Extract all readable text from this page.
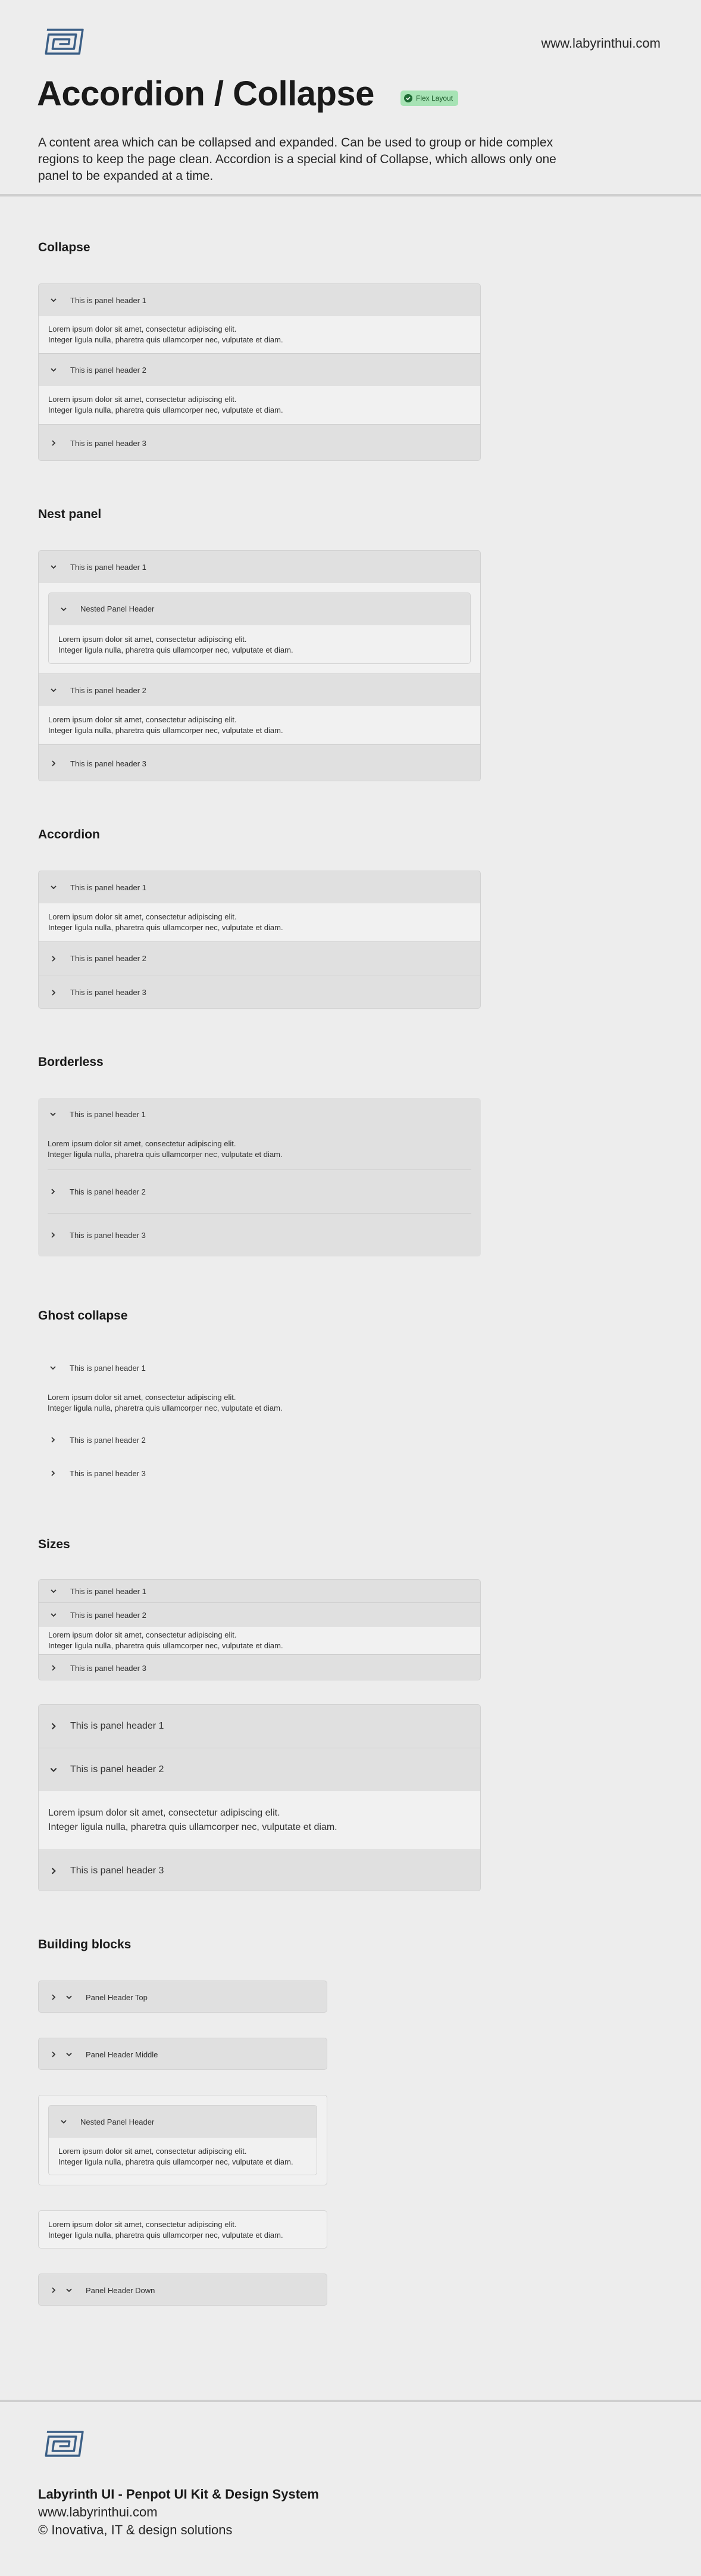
www.labyrinthui.com
Accordion / Collapse	Flex Layout
A content area which can be collapsed and expanded. Can be used to group or hide complex regions to keep the page clean. Accordion is a special kind of Collapse, which allows only one panel to be expanded at a time.
Collapse
This is panel header 1
Lorem ipsum dolor sit amet, consectetur adipiscing elit.
Integer ligula nulla, pharetra quis ullamcorper nec, vulputate et diam.
This is panel header 2
Lorem ipsum dolor sit amet, consectetur adipiscing elit.
Integer ligula nulla, pharetra quis ullamcorper nec, vulputate et diam.
This is panel header 3
Nest panel
This is panel header 1
Nested Panel Header
Lorem ipsum dolor sit amet, consectetur adipiscing elit.
Integer ligula nulla, pharetra quis ullamcorper nec, vulputate et diam.
This is panel header 2
Lorem ipsum dolor sit amet, consectetur adipiscing elit.
Integer ligula nulla, pharetra quis ullamcorper nec, vulputate et diam.
This is panel header 3
Accordion
This is panel header 1
Lorem ipsum dolor sit amet, consectetur adipiscing elit.
Integer ligula nulla, pharetra quis ullamcorper nec, vulputate et diam.
This is panel header 2
This is panel header 3
Borderless
This is panel header 1
Lorem ipsum dolor sit amet, consectetur adipiscing elit.
Integer ligula nulla, pharetra quis ullamcorper nec, vulputate et diam.
This is panel header 2
This is panel header 3
Ghost collapse
This is panel header 1
Lorem ipsum dolor sit amet, consectetur adipiscing elit.
Integer ligula nulla, pharetra quis ullamcorper nec, vulputate et diam.
This is panel header 2
This is panel header 3
Sizes
This is panel header 1
This is panel header 2
Lorem ipsum dolor sit amet, consectetur adipiscing elit.
Integer ligula nulla, pharetra quis ullamcorper nec, vulputate et diam.
This is panel header 3
This is panel header 1
This is panel header 2
Lorem ipsum dolor sit amet, consectetur adipiscing elit.
Integer ligula nulla, pharetra quis ullamcorper nec, vulputate et diam.
This is panel header 3
Building blocks
Panel Header Top
Panel Header Middle
Nested Panel Header
Lorem ipsum dolor sit amet, consectetur adipiscing elit.
Integer ligula nulla, pharetra quis ullamcorper nec, vulputate et diam.
Lorem ipsum dolor sit amet, consectetur adipiscing elit.
Integer ligula nulla, pharetra quis ullamcorper nec, vulputate et diam.
Panel Header Down
Labyrinth UI - Penpot UI Kit & Design System
www.labyrinthui.com
© Inovativa, IT & design solutions
